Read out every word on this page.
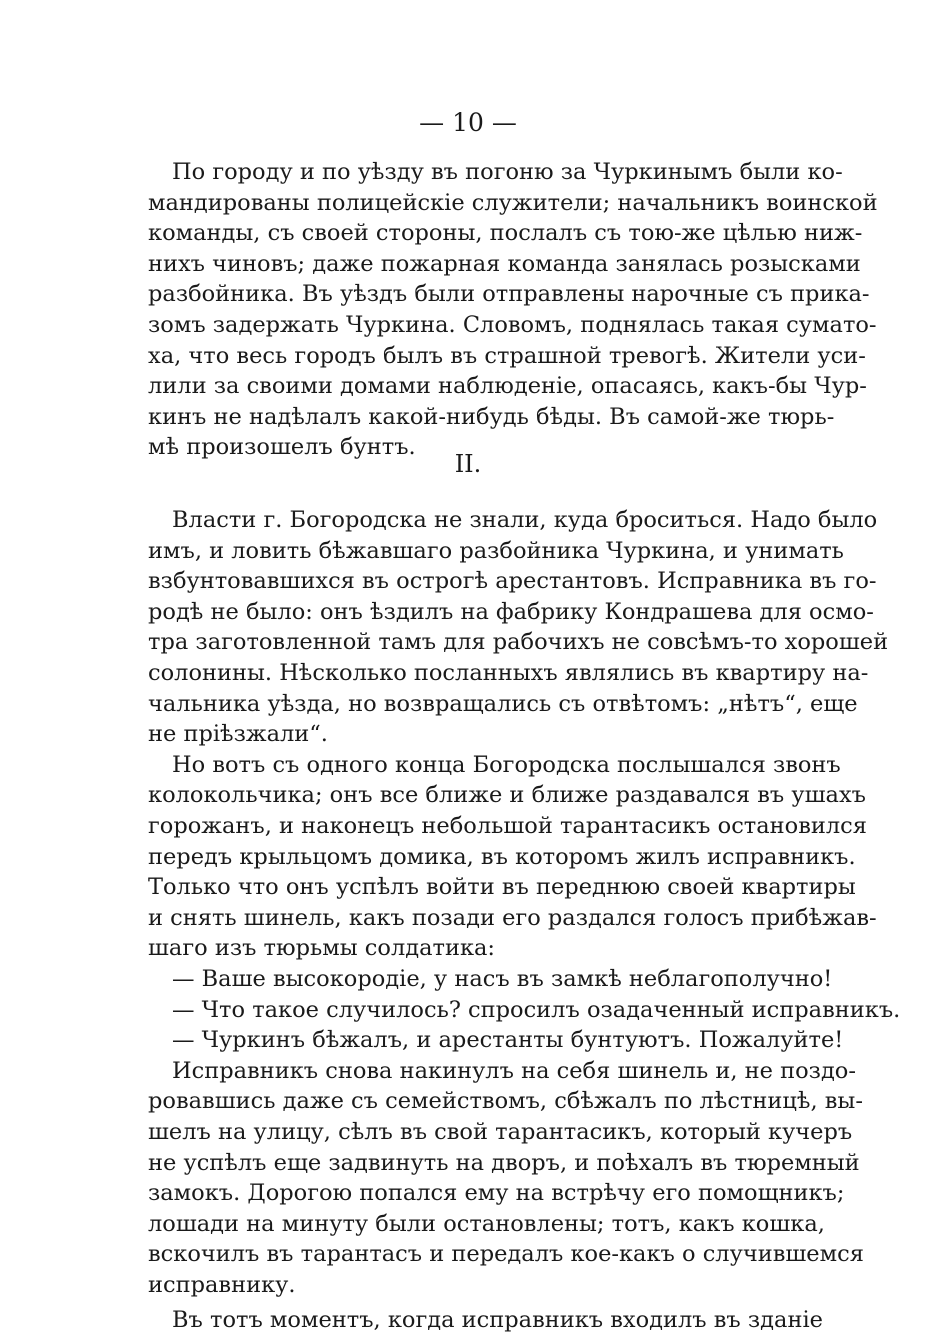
— 10 —
По городу и по уѣзду въ погоню за Чуркинымъ были ко-
мандированы полицейскіе служители; начальникъ воинской
команды, съ своей стороны, послалъ съ тою-же цѣлью ниж-
нихъ чиновъ; даже пожарная команда занялась розысками
разбойника. Въ уѣздъ были отправлены нарочные съ прика-
зомъ задержать Чуркина. Словомъ, поднялась такая сумато-
ха, что весь городъ былъ въ страшной тревогѣ. Жители уси-
лили за своими домами наблюденіе, опасаясь, какъ-бы Чур-
кинъ не надѣлалъ какой-нибудь бѣды. Въ самой-же тюрь-
мѣ произошелъ бунтъ.
II.
Власти г. Богородска не знали, куда броситься. Надо было
имъ, и ловить бѣжавшаго разбойника Чуркина, и унимать
взбунтовавшихся въ острогѣ арестантовъ. Исправника въ го-
родѣ не было: онъ ѣздилъ на фабрику Кондрашева для осмо-
тра заготовленной тамъ для рабочихъ не совсѣмъ-то хорошей
солонины. Нѣсколько посланныхъ являлись въ квартиру на-
чальника уѣзда, но возвращались съ отвѣтомъ: „нѣтъ“, еще
не пріѣзжали“.
Но вотъ съ одного конца Богородска послышался звонъ
колокольчика; онъ все ближе и ближе раздавался въ ушахъ
горожанъ, и наконецъ небольшой тарантасикъ остановился
передъ крыльцомъ домика, въ которомъ жилъ исправникъ.
Только что онъ успѣлъ войти въ переднюю своей квартиры
и снять шинель, какъ позади его раздался голосъ прибѣжав-
шаго изъ тюрьмы солдатика:
— Ваше высокородіе, у насъ въ замкѣ неблагополучно!
— Что такое случилось? спросилъ озадаченный исправникъ.
— Чуркинъ бѣжалъ, и арестанты бунтуютъ. Пожалуйте!
Исправникъ снова накинулъ на себя шинель и, не поздо-
ровавшись даже съ семействомъ, сбѣжалъ по лѣстницѣ, вы-
шелъ на улицу, сѣлъ въ свой тарантасикъ, который кучеръ
не успѣлъ еще задвинуть на дворъ, и поѣхалъ въ тюремный
замокъ. Дорогою попался ему на встрѣчу его помощникъ;
лошади на минуту были остановлены; тотъ, какъ кошка,
вскочилъ въ тарантасъ и передалъ кое-какъ о случившемся
исправнику.
Въ тотъ моментъ, когда исправникъ входилъ въ зданіе
